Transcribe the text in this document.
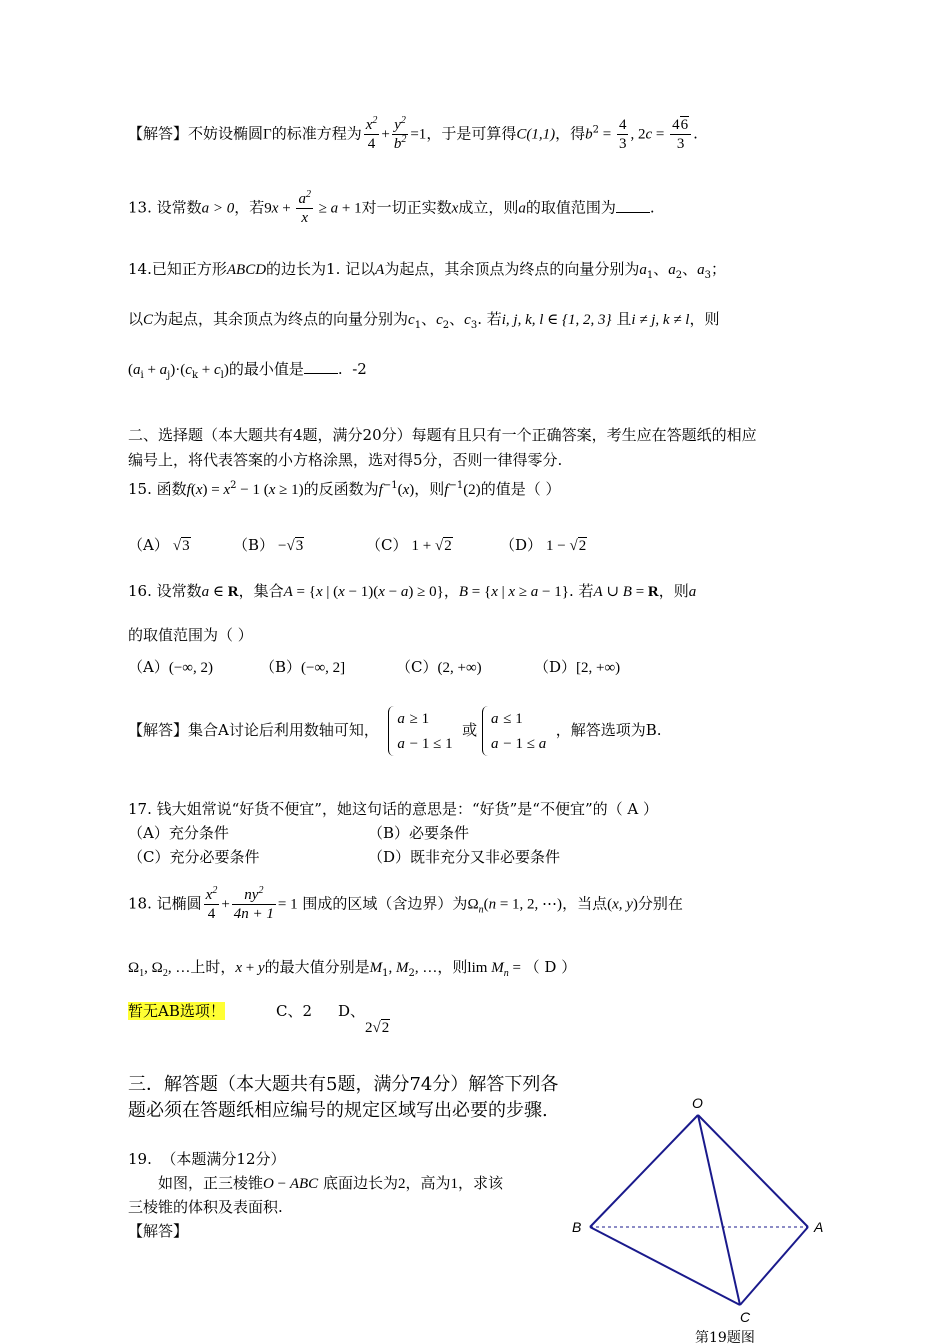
【解答】不妨设椭圆Γ的标准方程为 $\frac{x^2}{4} + \frac{y^2}{b^2} =1$，于是可算得C(1,1)，得$b^2 = \frac{4}{3}$ , $2c = \frac{46}{3}$ .
13. 设常数a > 0，若$9x + \frac{a^2}{x} \ge a + 1$对一切正实数x成立，则a的取值范围为 .
14.已知正方形ABCD的边长为1. 记以A为起点，其余顶点为终点的向量分别为$a_1$、$a_2$、$a_3$；
以C为起点，其余顶点为终点的向量分别为$c_1$、$c_2$、$c_3$. 若i, j, k, l ∈ {1, 2, 3} 且i ≠ j, k ≠ l，则
$(a_i + a_j)\cdot(c_k + c_l)$的最小值是 . -2
二、选择题（本大题共有4题，满分20分）每题有且只有一个正确答案，考生应在答题纸的相应
编号上，将代表答案的小方格涂黑，选对得5分，否则一律得零分.
15. 函数$f(x) = x^2 - 1$ (x ≥ 1)的反函数为$f^{-1}(x)$，则$f^{-1}(2)$的值是（ ）
（A） √3	（B） −√3	（C） 1 + √2	（D） 1 − √2
16. 设常数a ∈ R，集合A = {x | (x − 1)(x − a) ≥ 0}，B = {x | x ≥ a − 1}. 若A ∪ B = R，则a
的取值范围为（ ）
（A）(−∞, 2)	（B）(−∞, 2]	（C）(2, +∞)	（D）[2, +∞)
【解答】集合A讨论后利用数轴可知，  a ≥ 1
a − 1 ≤ 1  或 a ≤ 1
a − 1 ≤ a  ，解答选项为B.
17. 钱大姐常说“好货不便宜”，她这句话的意思是：“好货”是“不便宜”的（ A ）
（A）充分条件	（B）必要条件
（C）充分必要条件	（D）既非充分又非必要条件
18. 记椭圆 $\frac{x^2}{4} + \frac{ny^2}{4n + 1} = 1$ 围成的区域（含边界）为$\Omega_n(n = 1$, 2, ⋯)，当点(x, y)分别在
$\Omega_1$, $\Omega_2$, …上时，x + y的最大值分别是$M_1$, $M_2$, …，则$\lim M_n$ = （ D ）
暂无AB选项！	C、2 D、2√2
三．解答题（本大题共有5题，满分74分）解答下列各题必须在答题纸相应编号的规定区域写出必要的步骤.
19. （本题满分12分）
如图，正三棱锥O − ABC 底面边长为2，高为1，求该
三棱锥的体积及表面积.
【解答】
O
B	A
C
第19题图
